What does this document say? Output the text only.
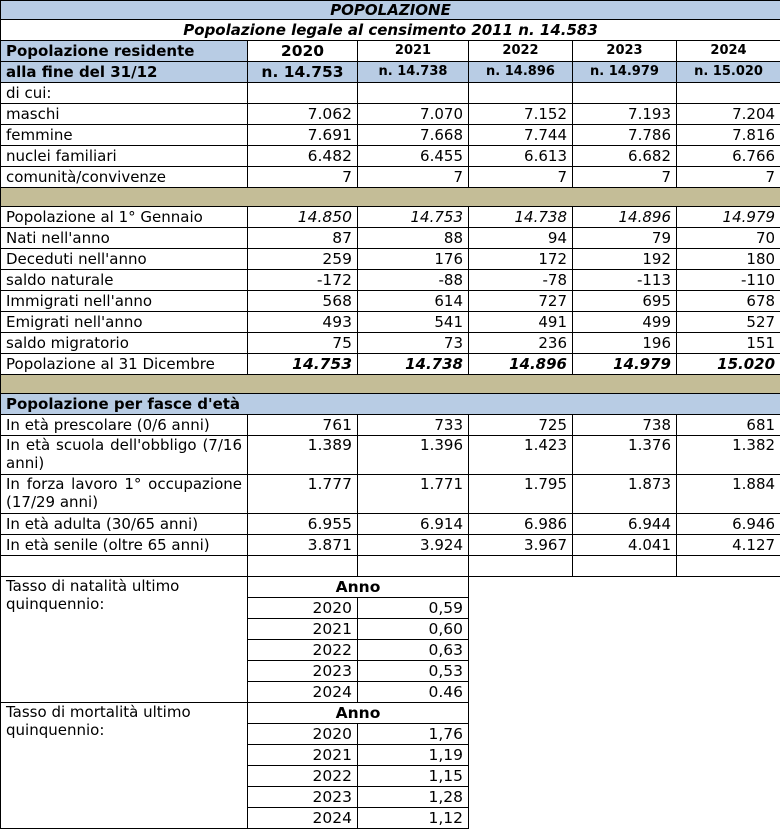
POPOLAZIONE					
Popolazione legale al censimento 2011 n. 14.583					
Popolazione residente	2020	2021	2022	2023	2024
alla fine del 31/12	n. 14.753	n. 14.738	n. 14.896	n. 14.979	n. 15.020
di cui:					
maschi	7.062	7.070	7.152	7.193	7.204
femmine	7.691	7.668	7.744	7.786	7.816
nuclei familiari	6.482	6.455	6.613	6.682	6.766
comunità/convivenze	7	7	7	7	7

Popolazione al 1° Gennaio	14.850	14.753	14.738	14.896	14.979
Nati nell'anno	87	88	94	79	70
Deceduti nell'anno	259	176	172	192	180
saldo naturale	-172	-88	-78	-113	-110
Immigrati nell'anno	568	614	727	695	678
Emigrati nell'anno	493	541	491	499	527
saldo migratorio	75	73	236	196	151
Popolazione al 31 Dicembre	14.753	14.738	14.896	14.979	15.020

Popolazione per fasce d'età					
In età prescolare (0/6 anni)	761	733	725	738	681
In età scuola dell'obbligo (7/16 anni)	1.389	1.396	1.423	1.376	1.382
In forza lavoro 1° occupazione (17/29 anni)	1.777	1.771	1.795	1.873	1.884
In età adulta (30/65 anni)	6.955	6.914	6.986	6.944	6.946
In età senile (oltre 65 anni)	3.871	3.924	3.967	4.041	4.127

Tasso di natalità ultimo quinquennio:	Anno				
	2020	0,59			
	2021	0,60			
	2022	0,63			
	2023	0,53			
	2024	0.46			
Tasso di mortalità ultimo quinquennio:	Anno				
	2020	1,76			
	2021	1,19			
	2022	1,15			
	2023	1,28			
	2024	1,12			
